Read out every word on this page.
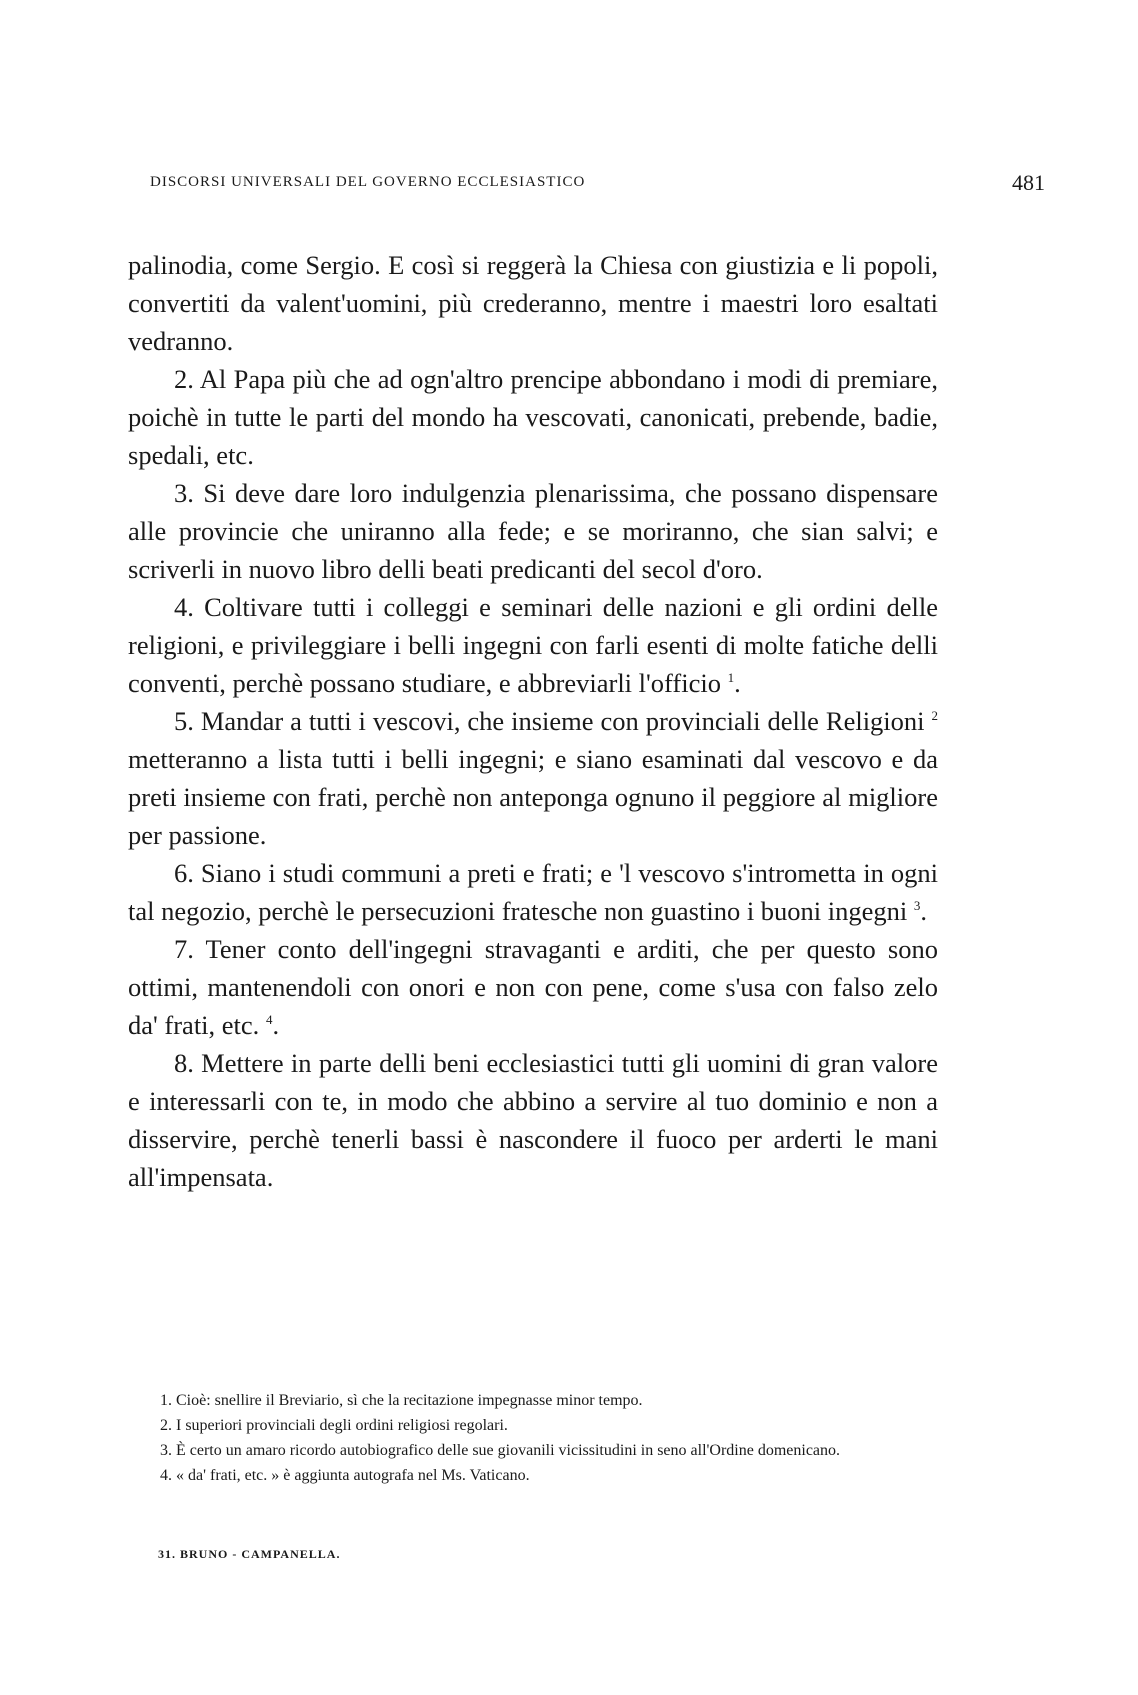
DISCORSI UNIVERSALI DEL GOVERNO ECCLESIASTICO	481

palinodia, come Sergio. E così si reggerà la Chiesa con giustizia e li popoli, convertiti da valent'uomini, più crederanno, mentre i maestri loro esaltati vedranno.

2. Al Papa più che ad ogn'altro prencipe abbondano i modi di premiare, poichè in tutte le parti del mondo ha vescovati, canonicati, prebende, badie, spedali, etc.

3. Si deve dare loro indulgenzia plenarissima, che possano dispensare alle provincie che uniranno alla fede; e se moriranno, che sian salvi; e scriverli in nuovo libro delli beati predicanti del secol d'oro.

4. Coltivare tutti i colleggi e seminari delle nazioni e gli ordini delle religioni, e privileggiare i belli ingegni con farli esenti di molte fatiche delli conventi, perchè possano studiare, e abbreviarli l'officio $^1$.

5. Mandar a tutti i vescovi, che insieme con provinciali delle Religioni $^2$ metteranno a lista tutti i belli ingegni; e siano esaminati dal vescovo e da preti insieme con frati, perchè non anteponga ognuno il peggiore al migliore per passione.

6. Siano i studi communi a preti e frati; e 'l vescovo s'intrometta in ogni tal negozio, perchè le persecuzioni fratesche non guastino i buoni ingegni $^3$.

7. Tener conto dell'ingegni stravaganti e arditi, che per questo sono ottimi, mantenendoli con onori e non con pene, come s'usa con falso zelo da' frati, etc. $^4$.

8. Mettere in parte delli beni ecclesiastici tutti gli uomini di gran valore e interessarli con te, in modo che abbino a servire al tuo dominio e non a disservire, perchè tenerli bassi è nascondere il fuoco per arderti le mani all'impensata.

1. Cioè: snellire il Breviario, sì che la recitazione impegnasse minor tempo.

2. I superiori provinciali degli ordini religiosi regolari.

3. È certo un amaro ricordo autobiografico delle sue giovanili vicissitudini in seno all'Ordine domenicano.

4. « da' frati, etc. » è aggiunta autografa nel Ms. Vaticano.

31. BRUNO - CAMPANELLA.
